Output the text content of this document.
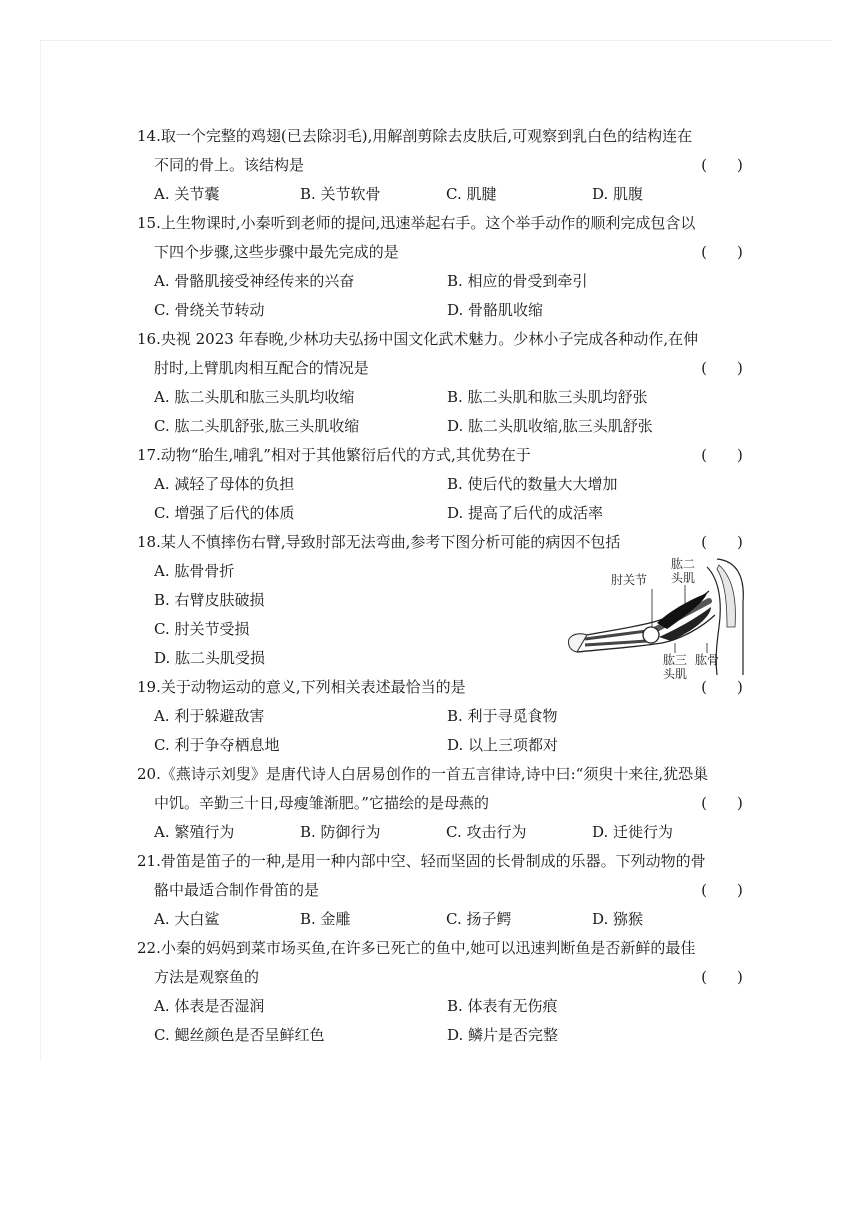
14.取一个完整的鸡翅(已去除羽毛),用解剖剪除去皮肤后,可观察到乳白色的结构连在
不同的骨上。该结构是	(　　)
A. 关节囊	B. 关节软骨	C. 肌腱	D. 肌腹
15.上生物课时,小秦听到老师的提问,迅速举起右手。这个举手动作的顺利完成包含以
下四个步骤,这些步骤中最先完成的是	(　　)
A. 骨骼肌接受神经传来的兴奋	B. 相应的骨受到牵引
C. 骨绕关节转动	D. 骨骼肌收缩
16.央视 2023 年春晚,少林功夫弘扬中国文化武术魅力。少林小子完成各种动作,在伸
肘时,上臂肌肉相互配合的情况是	(　　)
A. 肱二头肌和肱三头肌均收缩	B. 肱二头肌和肱三头肌均舒张
C. 肱二头肌舒张,肱三头肌收缩	D. 肱二头肌收缩,肱三头肌舒张
17.动物“胎生,哺乳”相对于其他繁衍后代的方式,其优势在于	(　　)
A. 减轻了母体的负担	B. 使后代的数量大大增加
C. 增强了后代的体质	D. 提高了后代的成活率
18.某人不慎摔伤右臂,导致肘部无法弯曲,参考下图分析可能的病因不包括	(　　)
A. 肱骨骨折
B. 右臂皮肤破损
C. 肘关节受损
D. 肱二头肌受损
肘关节
肱二
头肌
肱三
头肌
肱骨
19.关于动物运动的意义,下列相关表述最恰当的是	(　　)
A. 利于躲避敌害	B. 利于寻觅食物
C. 利于争夺栖息地	D. 以上三项都对
20.《燕诗示刘叟》是唐代诗人白居易创作的一首五言律诗,诗中曰:“须臾十来往,犹恐巢
中饥。辛勤三十日,母瘦雏渐肥。”它描绘的是母燕的	(　　)
A. 繁殖行为	B. 防御行为	C. 攻击行为	D. 迁徙行为
21.骨笛是笛子的一种,是用一种内部中空、轻而坚固的长骨制成的乐器。下列动物的骨
骼中最适合制作骨笛的是	(　　)
A. 大白鲨	B. 金雕	C. 扬子鳄	D. 猕猴
22.小秦的妈妈到菜市场买鱼,在许多已死亡的鱼中,她可以迅速判断鱼是否新鲜的最佳
方法是观察鱼的	(　　)
A. 体表是否湿润	B. 体表有无伤痕
C. 鳃丝颜色是否呈鲜红色	D. 鳞片是否完整
